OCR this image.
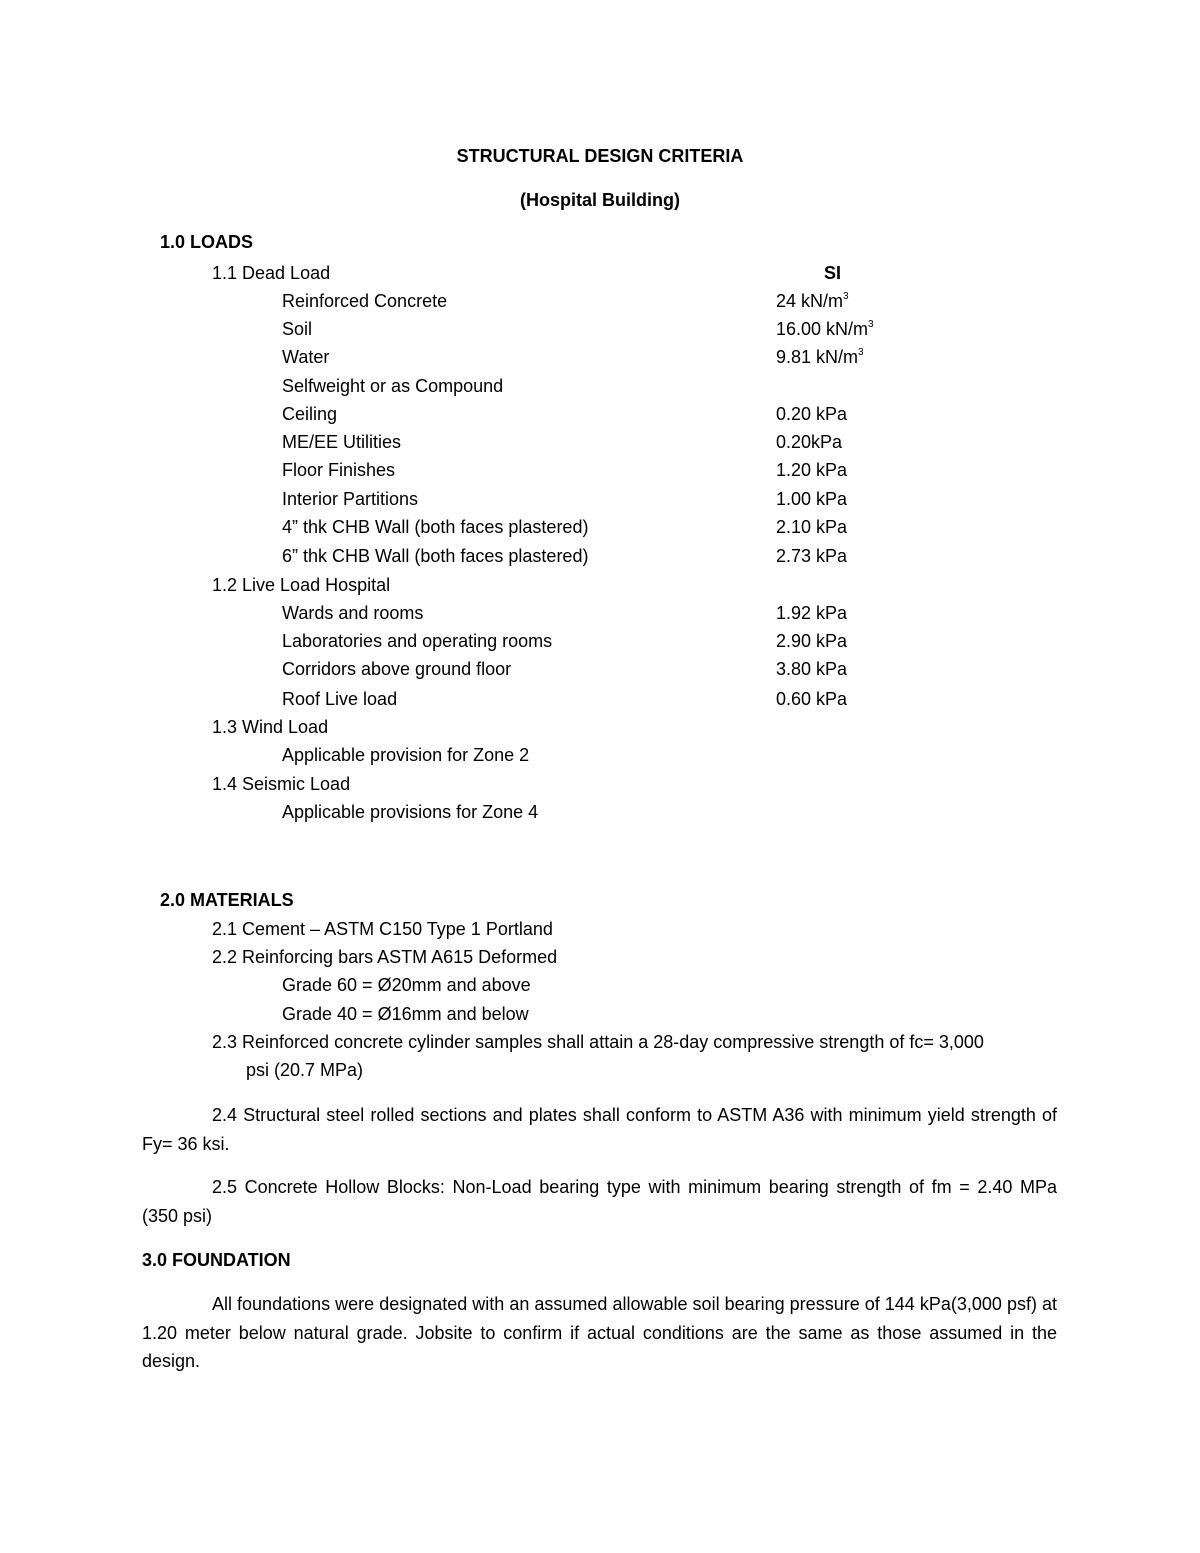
STRUCTURAL DESIGN CRITERIA
(Hospital Building)
1.0 LOADS
1.1 Dead Load	SI
Reinforced Concrete	24 $kN/m^3$
Soil	16.00 $kN/m^3$
Water	9.81 $kN/m^3$
Selfweight or as Compound
Ceiling	0.20 kPa
ME/EE Utilities	0.20kPa
Floor Finishes	1.20 kPa
Interior Partitions	1.00 kPa
4” thk CHB Wall (both faces plastered)	2.10 kPa
6” thk CHB Wall (both faces plastered)	2.73 kPa
1.2 Live Load Hospital
Wards and rooms	1.92 kPa
Laboratories and operating rooms	2.90 kPa
Corridors above ground floor	3.80 kPa
Roof Live load	0.60 kPa
1.3 Wind Load
Applicable provision for Zone 2
1.4 Seismic Load
Applicable provisions for Zone 4
2.0 MATERIALS
2.1 Cement – ASTM C150 Type 1 Portland
2.2 Reinforcing bars ASTM A615 Deformed
Grade 60 = Ø20mm and above
Grade 40 = Ø16mm and below
2.3 Reinforced concrete cylinder samples shall attain a 28-day compressive strength of fc= 3,000
psi (20.7 MPa)
2.4 Structural steel rolled sections and plates shall conform to ASTM A36 with minimum yield strength of Fy= 36 ksi.
2.5 Concrete Hollow Blocks: Non-Load bearing type with minimum bearing strength of fm = 2.40 MPa (350 psi)
3.0 FOUNDATION
All foundations were designated with an assumed allowable soil bearing pressure of 144 kPa(3,000 psf) at 1.20 meter below natural grade. Jobsite to confirm if actual conditions are the same as those assumed in the design.
